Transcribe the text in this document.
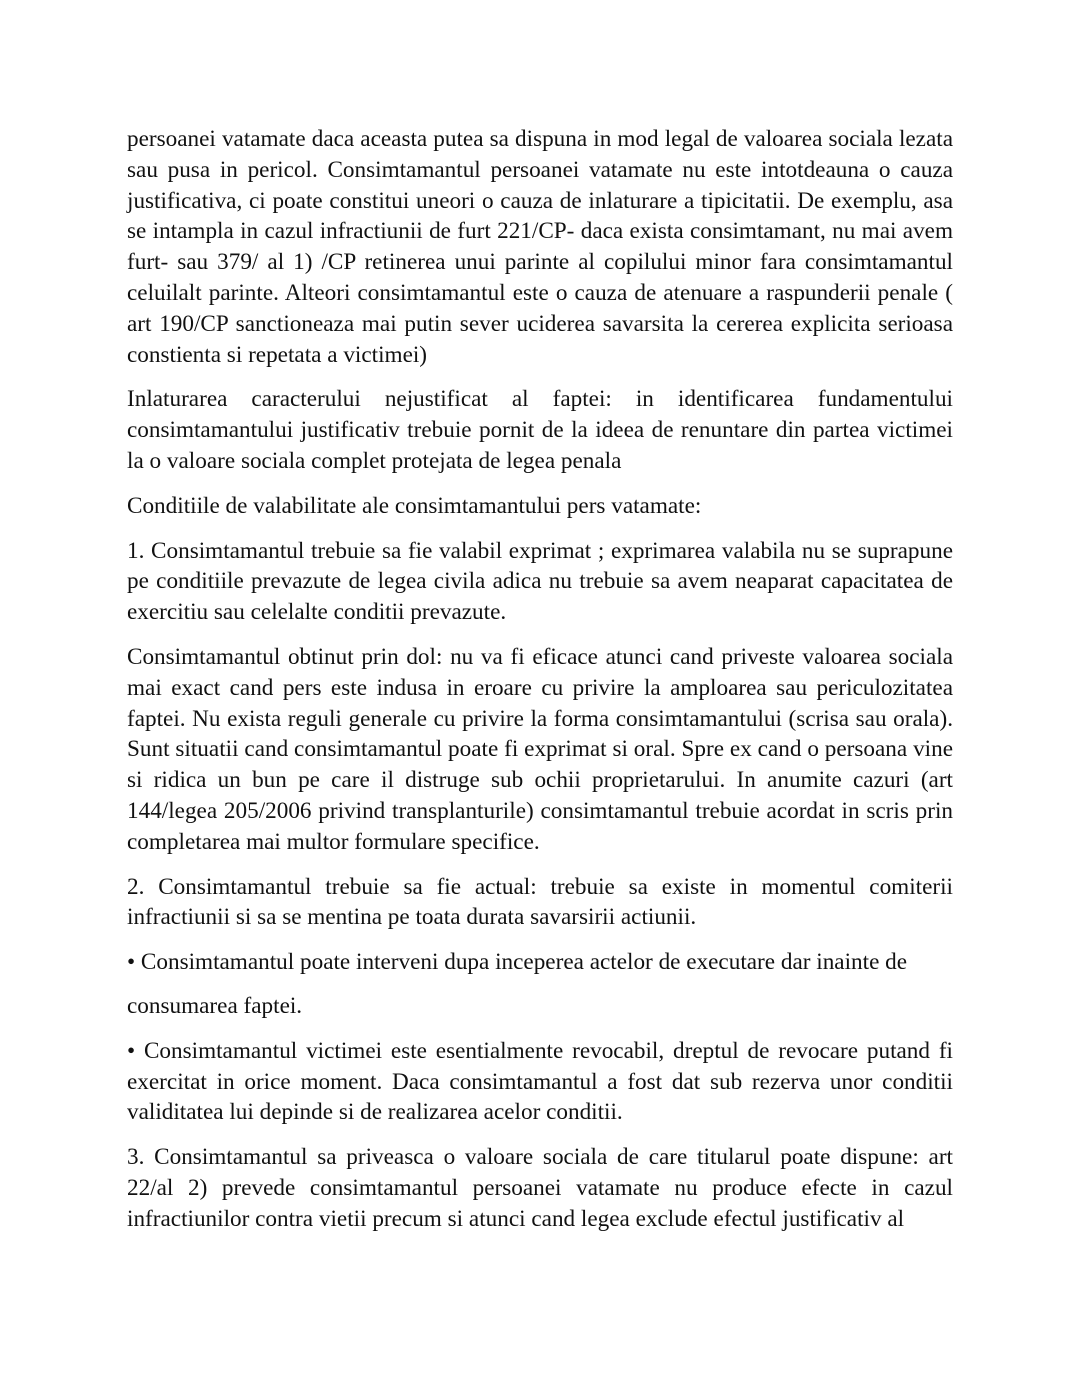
persoanei vatamate daca aceasta putea sa dispuna in mod legal de valoarea sociala lezata sau pusa in pericol. Consimtamantul persoanei vatamate nu este intotdeauna o cauza justificativa, ci poate constitui uneori o cauza de inlaturare a tipicitatii. De exemplu, asa se intampla in cazul infractiunii de furt 221/CP- daca exista consimtamant, nu mai avem furt- sau 379/ al 1) /CP retinerea unui parinte al copilului minor fara consimtamantul celuilalt parinte. Alteori consimtamantul este o cauza de atenuare a raspunderii penale ( art 190/CP sanctioneaza mai putin sever uciderea savarsita la cererea explicita serioasa constienta si repetata a victimei)

Inlaturarea caracterului nejustificat al faptei: in identificarea fundamentului consimtamantului justificativ trebuie pornit de la ideea de renuntare din partea victimei la o valoare sociala complet protejata de legea penala

Conditiile de valabilitate ale consimtamantului pers vatamate:

1. Consimtamantul trebuie sa fie valabil exprimat ; exprimarea valabila nu se suprapune pe conditiile prevazute de legea civila adica nu trebuie sa avem neaparat capacitatea de exercitiu sau celelalte conditii prevazute.

Consimtamantul obtinut prin dol: nu va fi eficace atunci cand priveste valoarea sociala mai exact cand pers este indusa in eroare cu privire la amploarea sau periculozitatea faptei. Nu exista reguli generale cu privire la forma consimtamantului (scrisa sau orala). Sunt situatii cand consimtamantul poate fi exprimat si oral. Spre ex cand o persoana vine si ridica un bun pe care il distruge sub ochii proprietarului. In anumite cazuri (art 144/legea 205/2006 privind transplanturile) consimtamantul trebuie acordat in scris prin completarea mai multor formulare specifice.

2. Consimtamantul trebuie sa fie actual: trebuie sa existe in momentul comiterii infractiunii si sa se mentina pe toata durata savarsirii actiunii.

• Consimtamantul poate interveni dupa inceperea actelor de executare dar inainte de

consumarea faptei.

• Consimtamantul victimei este esentialmente revocabil, dreptul de revocare putand fi exercitat in orice moment. Daca consimtamantul a fost dat sub rezerva unor conditii validitatea lui depinde si de realizarea acelor conditii.

3. Consimtamantul sa priveasca o valoare sociala de care titularul poate dispune: art 22/al 2) prevede consimtamantul persoanei vatamate nu produce efecte in cazul infractiunilor contra vietii precum si atunci cand legea exclude efectul justificativ al
